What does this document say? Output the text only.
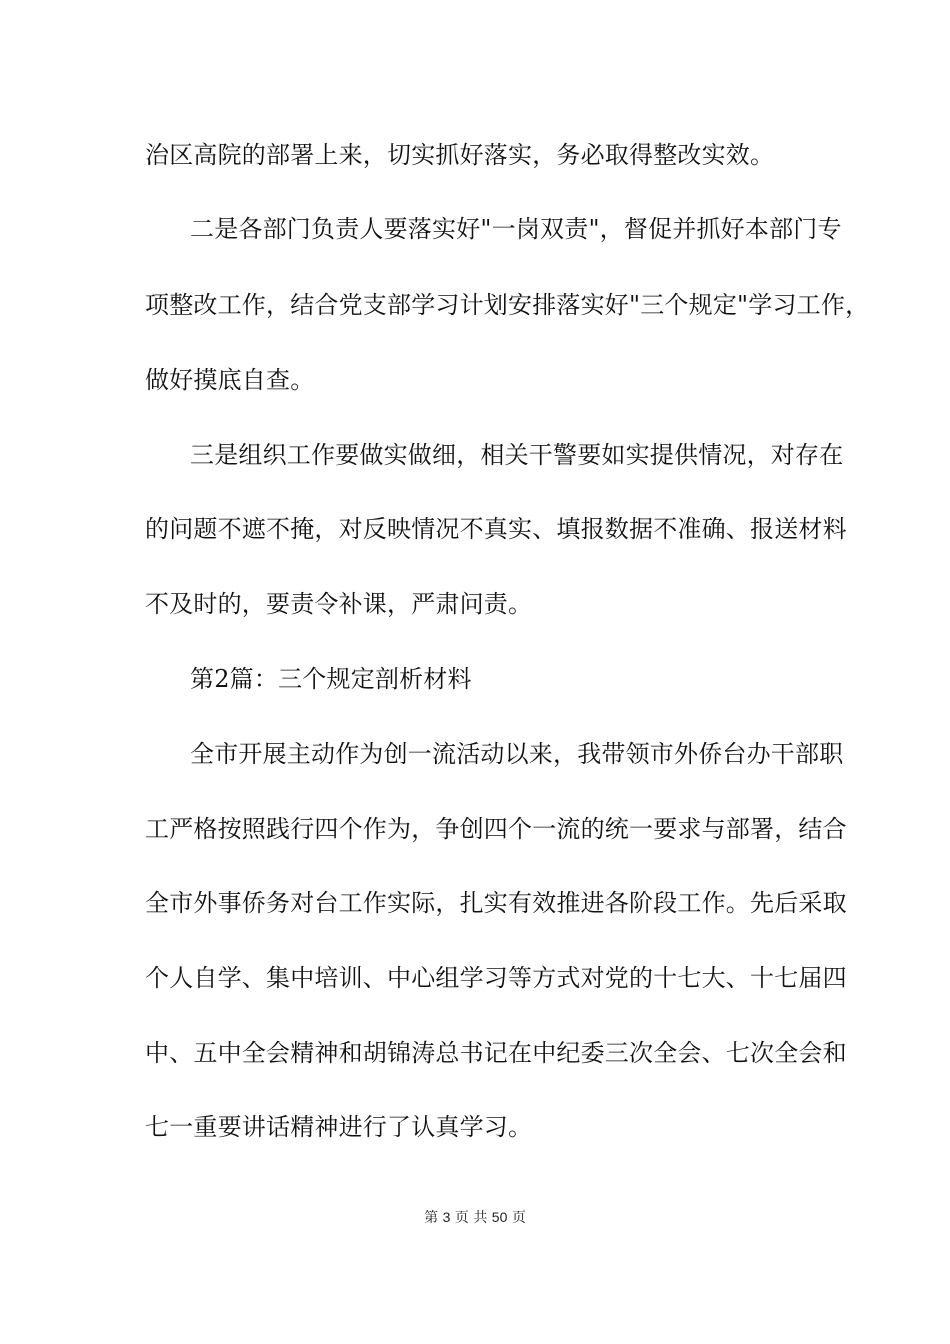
治区高院的部署上来，切实抓好落实，务必取得整改实效。
二是各部门负责人要落实好"一岗双责"，督促并抓好本部门专
项整改工作，结合党支部学习计划安排落实好"三个规定"学习工作，
做好摸底自查。
三是组织工作要做实做细，相关干警要如实提供情况，对存在
的问题不遮不掩，对反映情况不真实、填报数据不准确、报送材料
不及时的，要责令补课，严肃问责。
第2篇：三个规定剖析材料
全市开展主动作为创一流活动以来，我带领市外侨台办干部职
工严格按照践行四个作为，争创四个一流的统一要求与部署，结合
全市外事侨务对台工作实际，扎实有效推进各阶段工作。先后采取
个人自学、集中培训、中心组学习等方式对党的十七大、十七届四
中、五中全会精神和胡锦涛总书记在中纪委三次全会、七次全会和
七一重要讲话精神进行了认真学习。
第 3 页 共 50 页
